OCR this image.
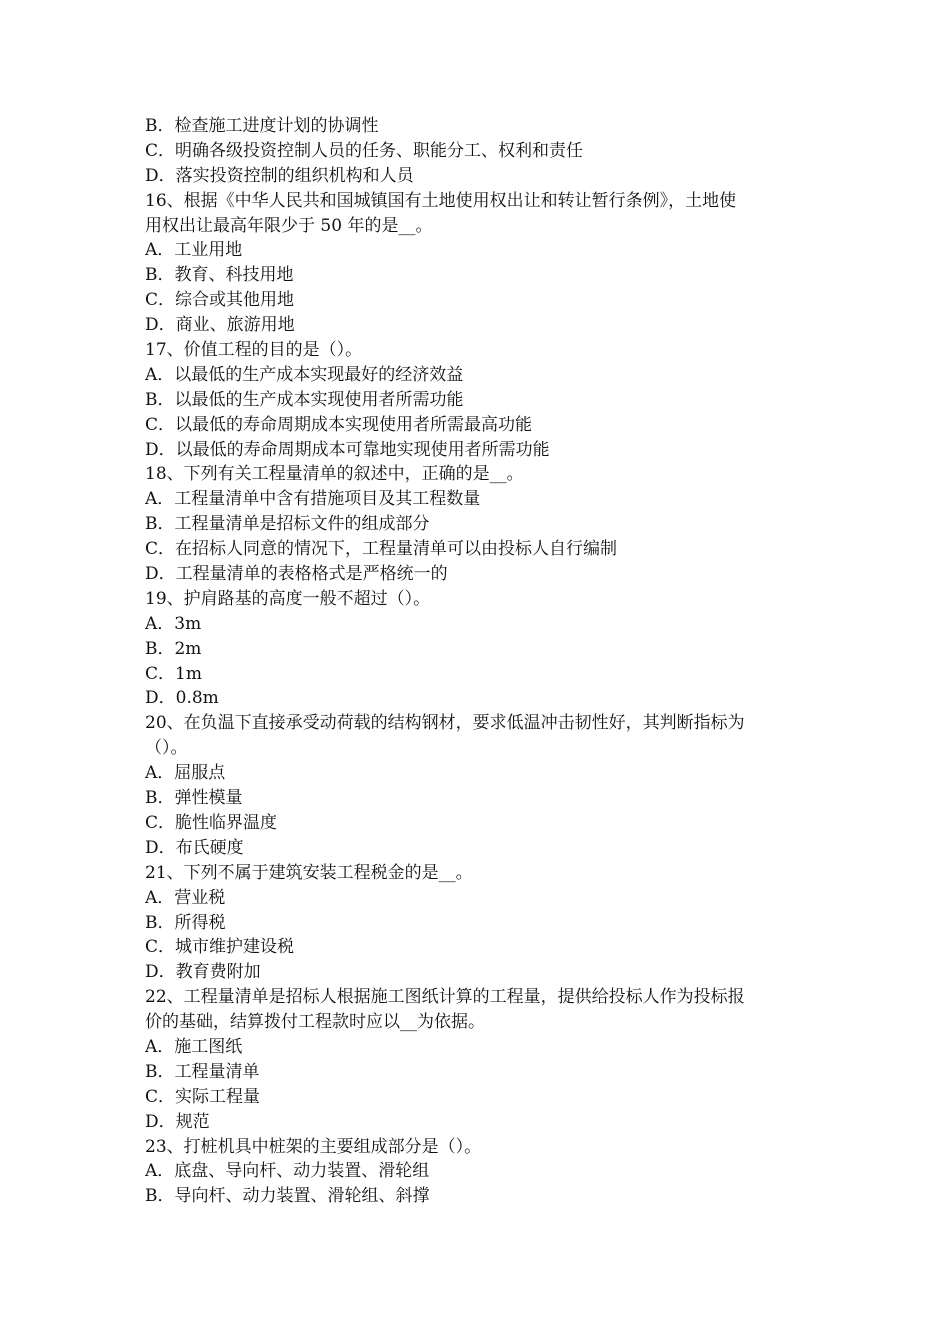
B．检查施工进度计划的协调性
C．明确各级投资控制人员的任务、职能分工、权利和责任
D．落实投资控制的组织机构和人员
16、根据《中华人民共和国城镇国有土地使用权出让和转让暂行条例》，土地使
用权出让最高年限少于 50 年的是__。
A．工业用地
B．教育、科技用地
C．综合或其他用地
D．商业、旅游用地
17、价值工程的目的是（）。
A．以最低的生产成本实现最好的经济效益
B．以最低的生产成本实现使用者所需功能
C．以最低的寿命周期成本实现使用者所需最高功能
D．以最低的寿命周期成本可靠地实现使用者所需功能
18、下列有关工程量清单的叙述中，正确的是__。
A．工程量清单中含有措施项目及其工程数量
B．工程量清单是招标文件的组成部分
C．在招标人同意的情况下，工程量清单可以由投标人自行编制
D．工程量清单的表格格式是严格统一的
19、护肩路基的高度一般不超过（）。
A．3m
B．2m
C．1m
D．0.8m
20、在负温下直接承受动荷载的结构钢材，要求低温冲击韧性好，其判断指标为
（）。
A．屈服点
B．弹性模量
C．脆性临界温度
D．布氏硬度
21、下列不属于建筑安装工程税金的是__。
A．营业税
B．所得税
C．城市维护建设税
D．教育费附加
22、工程量清单是招标人根据施工图纸计算的工程量，提供给投标人作为投标报
价的基础，结算拨付工程款时应以__为依据。
A．施工图纸
B．工程量清单
C．实际工程量
D．规范
23、打桩机具中桩架的主要组成部分是（）。
A．底盘、导向杆、动力装置、滑轮组
B．导向杆、动力装置、滑轮组、斜撑
